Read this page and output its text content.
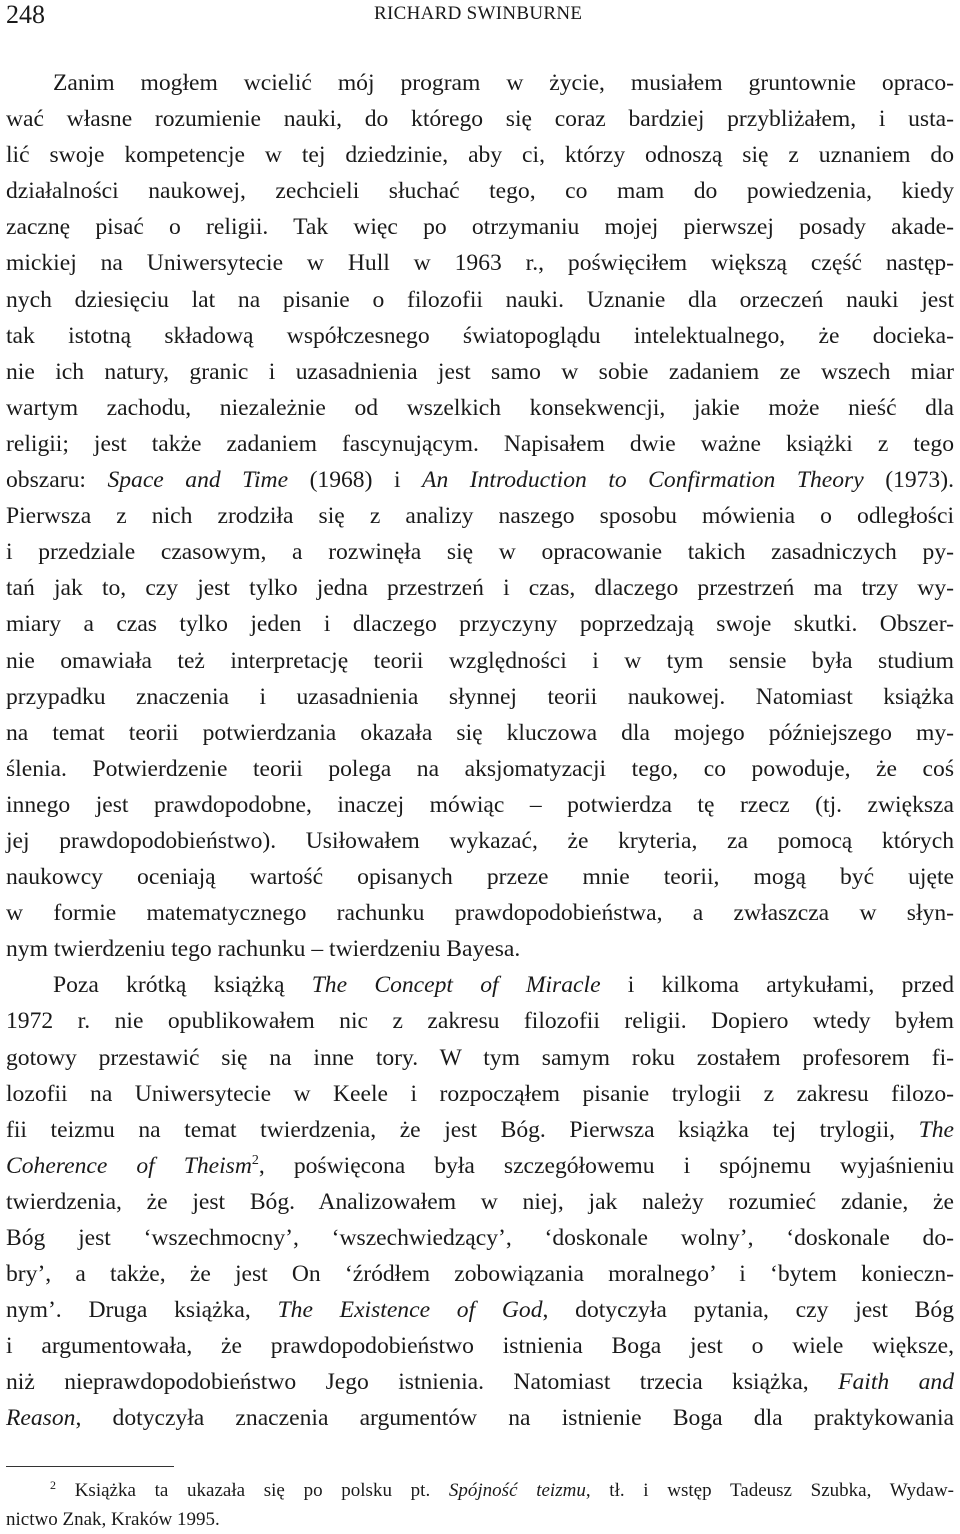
248	RICHARD SWINBURNE
Zanim mogłem wcielić mój program w życie, musiałem gruntownie opraco-
wać własne rozumienie nauki, do którego się coraz bardziej przybliżałem, i usta-
lić swoje kompetencje w tej dziedzinie, aby ci, którzy odnoszą się z uznaniem do
działalności naukowej, zechcieli słuchać tego, co mam do powiedzenia, kiedy
zacznę pisać o religii. Tak więc po otrzymaniu mojej pierwszej posady akade-
mickiej na Uniwersytecie w Hull w 1963 r., poświęciłem większą część następ-
nych dziesięciu lat na pisanie o filozofii nauki. Uznanie dla orzeczeń nauki jest
tak istotną składową współczesnego światopoglądu intelektualnego, że docieka-
nie ich natury, granic i uzasadnienia jest samo w sobie zadaniem ze wszech miar
wartym zachodu, niezależnie od wszelkich konsekwencji, jakie może nieść dla
religii; jest także zadaniem fascynującym. Napisałem dwie ważne książki z tego
obszaru: Space and Time (1968) i An Introduction to Confirmation Theory (1973).
Pierwsza z nich zrodziła się z analizy naszego sposobu mówienia o odległości
i przedziale czasowym, a rozwinęła się w opracowanie takich zasadniczych py-
tań jak to, czy jest tylko jedna przestrzeń i czas, dlaczego przestrzeń ma trzy wy-
miary a czas tylko jeden i dlaczego przyczyny poprzedzają swoje skutki. Obszer-
nie omawiała też interpretację teorii względności i w tym sensie była studium
przypadku znaczenia i uzasadnienia słynnej teorii naukowej. Natomiast książka
na temat teorii potwierdzania okazała się kluczowa dla mojego późniejszego my-
ślenia. Potwierdzenie teorii polega na aksjomatyzacji tego, co powoduje, że coś
innego jest prawdopodobne, inaczej mówiąc – potwierdza tę rzecz (tj. zwiększa
jej prawdopodobieństwo). Usiłowałem wykazać, że kryteria, za pomocą których
naukowcy oceniają wartość opisanych przeze mnie teorii, mogą być ujęte
w formie matematycznego rachunku prawdopodobieństwa, a zwłaszcza w słyn-
nym twierdzeniu tego rachunku – twierdzeniu Bayesa.
Poza krótką książką The Concept of Miracle i kilkoma artykułami, przed
1972 r. nie opublikowałem nic z zakresu filozofii religii. Dopiero wtedy byłem
gotowy przestawić się na inne tory. W tym samym roku zostałem profesorem fi-
lozofii na Uniwersytecie w Keele i rozpocząłem pisanie trylogii z zakresu filozo-
fii teizmu na temat twierdzenia, że jest Bóg. Pierwsza książka tej trylogii, The
Coherence of Theism$^2$, poświęcona była szczegółowemu i spójnemu wyjaśnieniu
twierdzenia, że jest Bóg. Analizowałem w niej, jak należy rozumieć zdanie, że
Bóg jest ‘wszechmocny’, ‘wszechwiedzący’, ‘doskonale wolny’, ‘doskonale do-
bry’, a także, że jest On ‘źródłem zobowiązania moralnego’ i ‘bytem konieczn-
nym’. Druga książka, The Existence of God, dotyczyła pytania, czy jest Bóg
i argumentowała, że prawdopodobieństwo istnienia Boga jest o wiele większe,
niż nieprawdopodobieństwo Jego istnienia. Natomiast trzecia książka, Faith and
Reason, dotyczyła znaczenia argumentów na istnienie Boga dla praktykowania
$^2$ Książka ta ukazała się po polsku pt. Spójność teizmu, tł. i wstęp Tadeusz Szubka, Wydaw-
nictwo Znak, Kraków 1995.
